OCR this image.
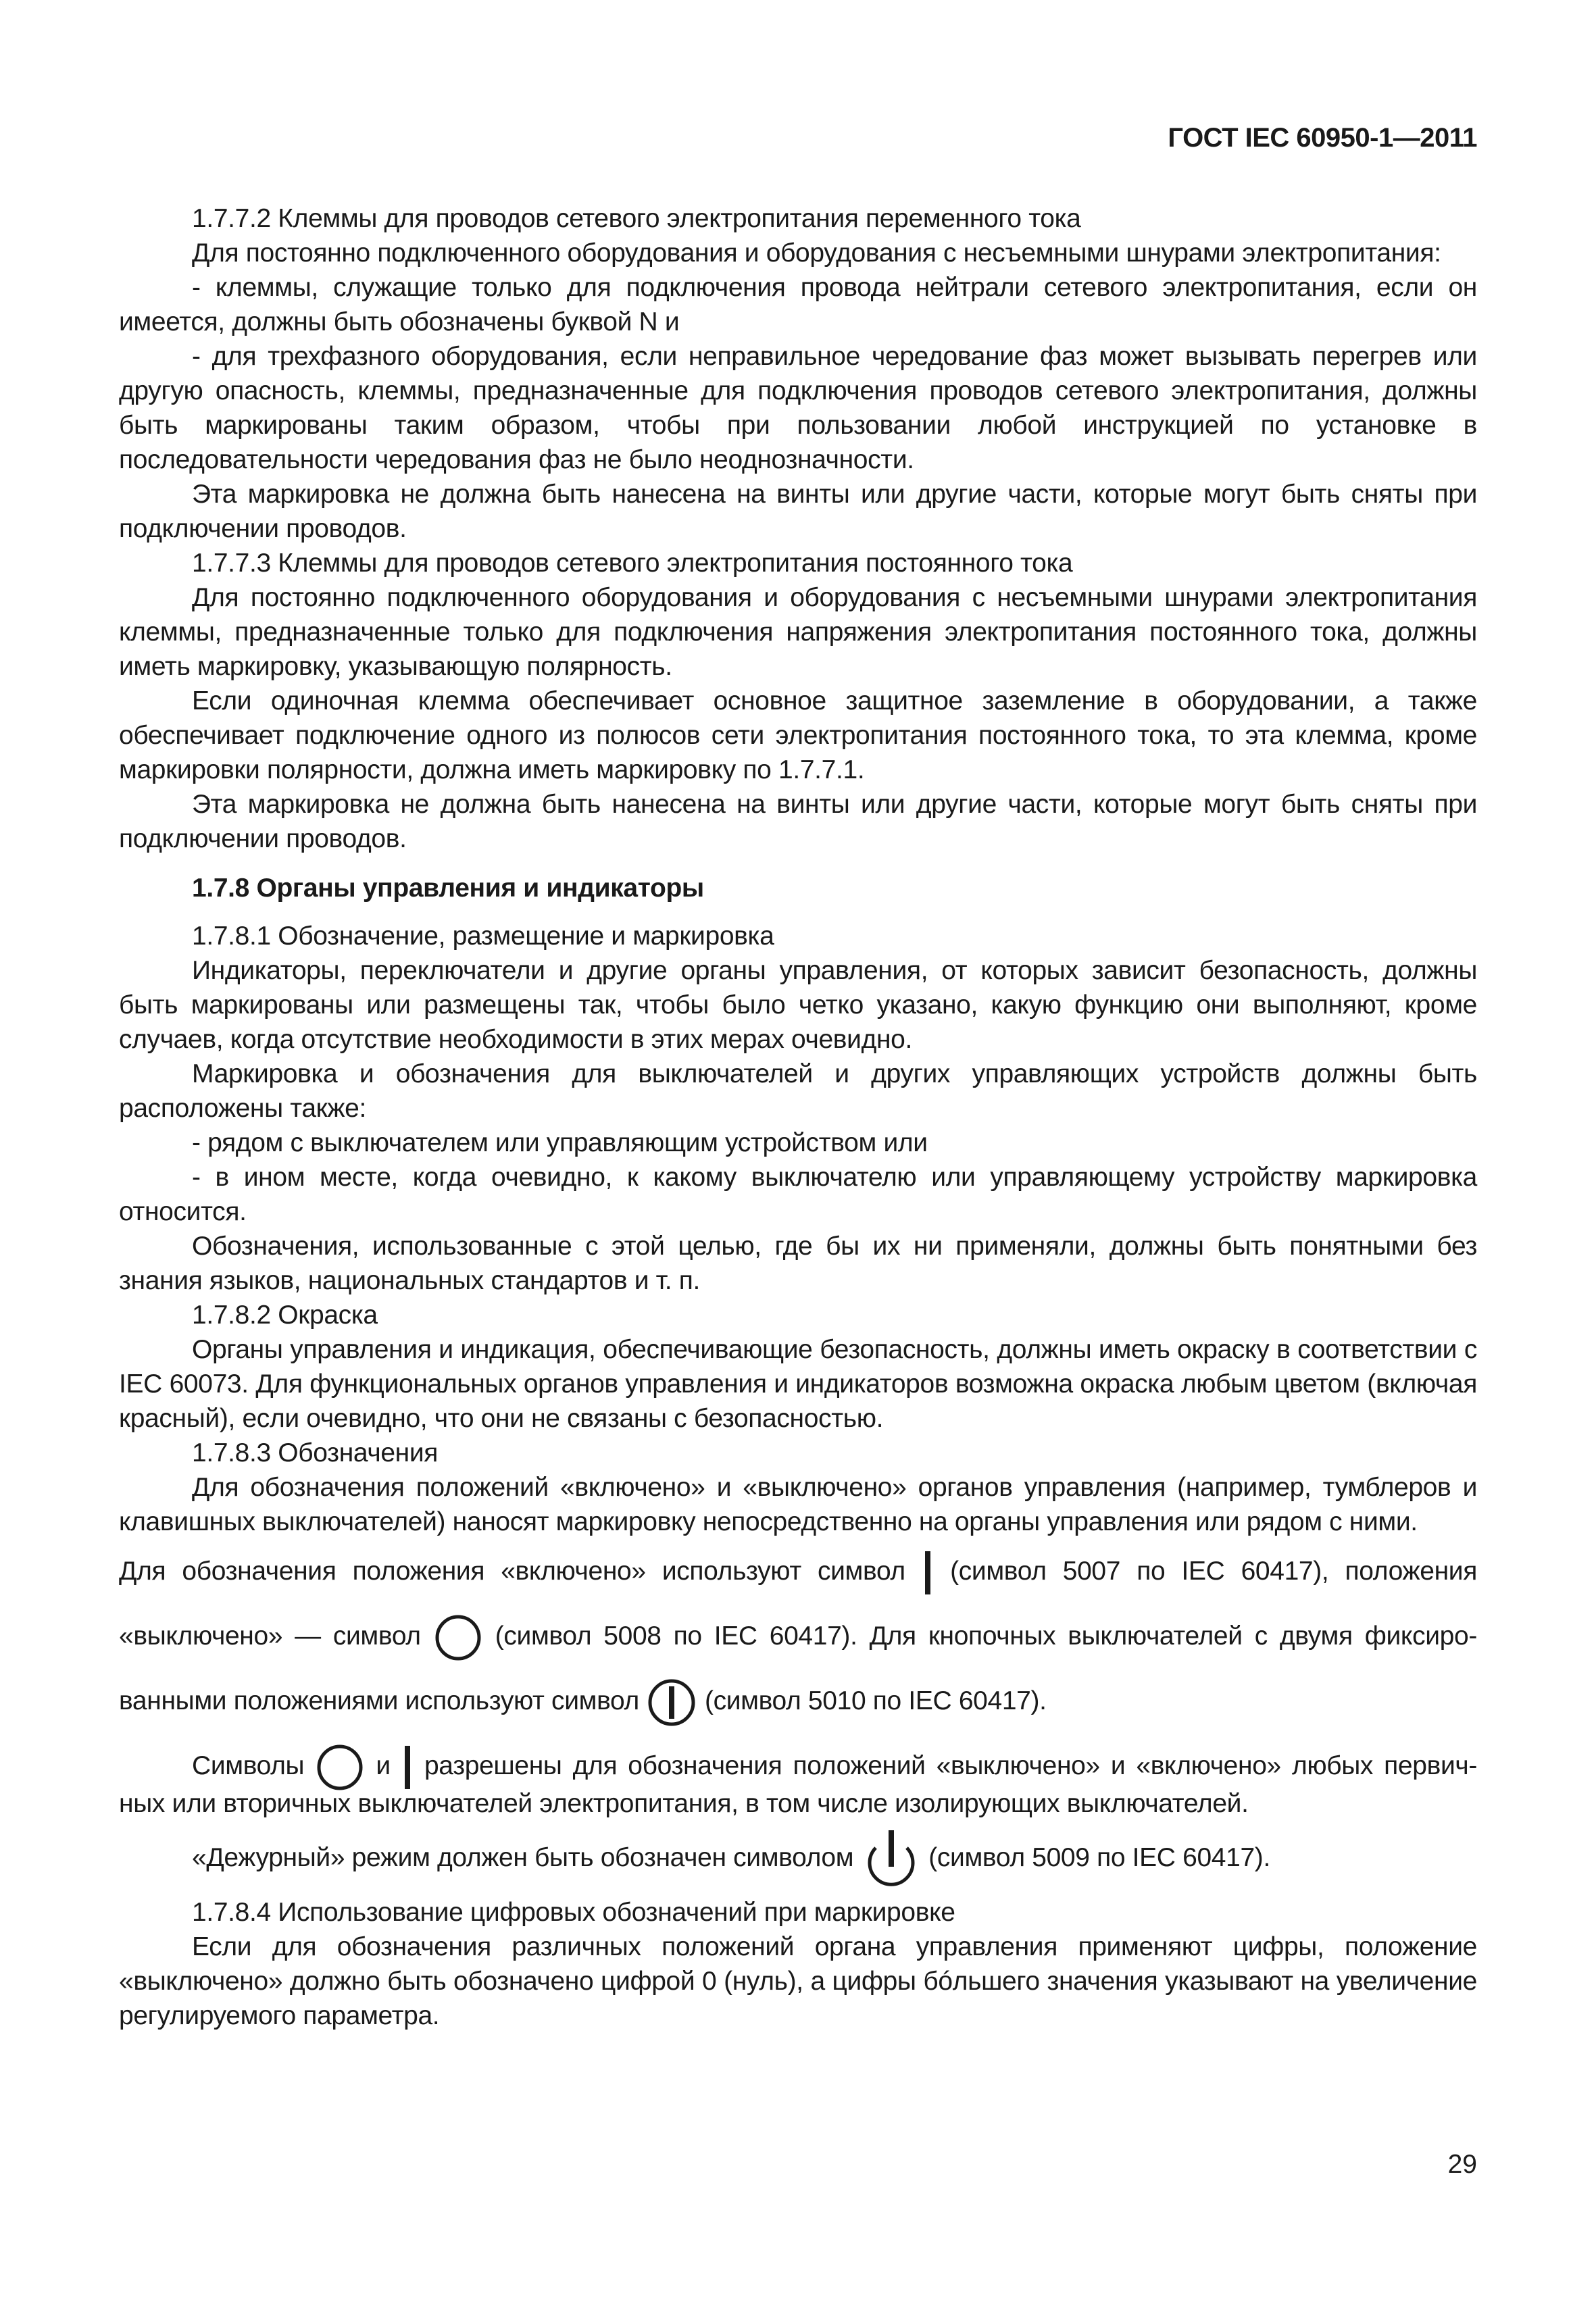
ГОСТ IEC 60950-1—2011

1.7.7.2 Клеммы для проводов сетевого электропитания переменного тока

Для постоянно подключенного оборудования и оборудования с несъемными шнурами электропитания:

- клеммы, служащие только для подключения провода нейтрали сетевого электропитания, если он имеется, должны быть обозначены буквой N и

- для трехфазного оборудования, если неправильное чередование фаз может вызывать перегрев или другую опасность, клеммы, предназначенные для подключения проводов сетевого электропитания, должны быть маркированы таким образом, чтобы при пользовании любой инструкцией по установке в последовательности чередования фаз не было неоднозначности.

Эта маркировка не должна быть нанесена на винты или другие части, которые могут быть сняты при подключении проводов.

1.7.7.3 Клеммы для проводов сетевого электропитания постоянного тока

Для постоянно подключенного оборудования и оборудования с несъемными шнурами электропитания клеммы, предназначенные только для подключения напряжения электропитания постоянного тока, должны иметь маркировку, указывающую полярность.

Если одиночная клемма обеспечивает основное защитное заземление в оборудовании, а также обеспечивает подключение одного из полюсов сети электропитания постоянного тока, то эта клемма, кроме маркировки полярности, должна иметь маркировку по 1.7.7.1.

Эта маркировка не должна быть нанесена на винты или другие части, которые могут быть сняты при подключении проводов.

1.7.8 Органы управления и индикаторы

1.7.8.1 Обозначение, размещение и маркировка

Индикаторы, переключатели и другие органы управления, от которых зависит безопасность, должны быть маркированы или размещены так, чтобы было четко указано, какую функцию они выполняют, кроме случаев, когда отсутствие необходимости в этих мерах очевидно.

Маркировка и обозначения для выключателей и других управляющих устройств должны быть расположены также:

- рядом с выключателем или управляющим устройством или

- в ином месте, когда очевидно, к какому выключателю или управляющему устройству маркировка относится.

Обозначения, использованные с этой целью, где бы их ни применяли, должны быть понятными без знания языков, национальных стандартов и т. п.

1.7.8.2 Окраска

Органы управления и индикация, обеспечивающие безопасность, должны иметь окраску в соответствии с IEC 60073. Для функциональных органов управления и индикаторов возможна окраска любым цветом (включая красный), если очевидно, что они не связаны с безопасностью.

1.7.8.3 Обозначения

Для обозначения положений «включено» и «выключено» органов управления (например, тумблеров и клавишных выключателей) наносят маркировку непосредственно на органы управления или рядом с ними.

Для обозначения положения «включено» используют символ (символ 5007 по IEC 60417), положения

«выключено» — символ	(символ 5008 по IEC 60417). Для кнопочных выключателей с двумя фиксиро-

ванными положениями используют символ (символ 5010 по IEC 60417).

Символы	и разрешены для обозначения положений «выключено» и «включено» любых первич-

ных или вторичных выключателей электропитания, в том числе изолирующих выключателей.

«Дежурный» режим должен быть обозначен символом	(символ 5009 по IEC 60417).

1.7.8.4 Использование цифровых обозначений при маркировке

Если для обозначения различных положений органа управления применяют цифры, положение «выключено» должно быть обозначено цифрой 0 (нуль), а цифры бóльшего значения указывают на увеличение регулируемого параметра.

29
